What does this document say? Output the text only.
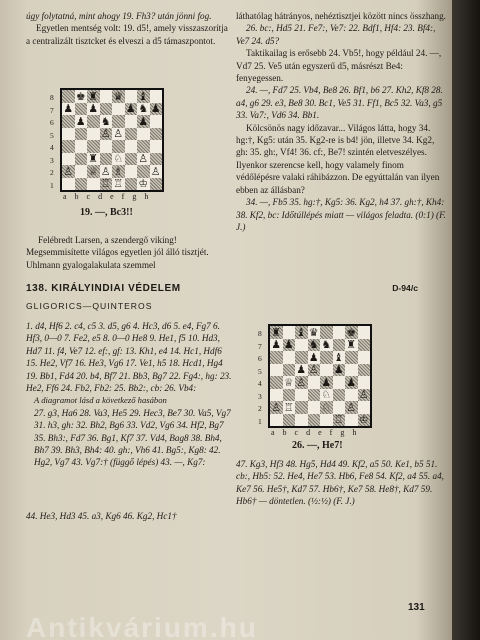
úgy folytatná, mint ahogy 19. Fh3? után jönni fog.

Egyetlen mentség volt: 19. d5!, amely visszaszorítja a centralizált tisztcket és elveszi a d5 támaszpontot.

8
7
6
5
4
3
2
1
♚ ♜ ♛ ♝
♟ ♟	♟ ♞ ♟
♟ ♞	♟
♙ ♙
♜ ♘ ♙
♙ ♕ ♙ ♗	♙
♖ ♖ ♔
a b c d e f g h
19. —, Bc3!!
Felébredt Larsen, a szendergő viking! Megsemmisítette világos egyetlen jól álló tisztjét. Uhlmann gyalogalakulata szemmel

láthatólag hátrányos, nehéztisztjei között nincs összhang.

26. bc:, Hd5 21. Fe7:, Ve7: 22. Bdf1, Hf4: 23. Bf4:, Ve7 24. d5?

Taktikailag is erősebb 24. Vb5!, hogy például 24. —, Vd7 25. Ve5 után egyszerű d5, másrészt Be4: fenyegessen.

24. —, Fd7 25. Vb4, Be8 26. Bf1, b6 27. Kh2, Kf8 28. a4, g6 29. e3, Be8 30. Bc1, Ve5 31. Ff1, Bc5 32. Va3, g5 33. Va7:, Vd6 34. Bb1.

Kölcsönös nagy időzavar... Világos látta, hogy 34. hg:†, Kg5: után 35. Kg2-re is b4! jön, illetve 34. Kg2, gh: 35. gh:, Vf4! 36. cf:, Be7! szintén eletveszélyes. Ilyenkor szerencse kell, hogy valamely finom védőlépésre valaki ráhibázzon. De egyúttalán van ilyen ebben az állásban?

34. —, Fb5 35. hg:†, Kg5: 36. Kg2, h4 37. gh:†, Kh4: 38. Kf2, bc: Időtúllépés miatt — világos feladta. (0:1) (F. J.)

138. KIRÁLYINDIAI VÉDELEM	D-94/c
GLIGORICS—QUINTEROS

1. d4, Hf6 2. c4, c5 3. d5, g6 4. Hc3, d6 5. e4, Fg7 6. Hf3, 0—0 7. Fe2, e5 8. 0—0 He8 9. He1, f5 10. Hd3, Hd7 11. f4, Ve7 12. ef:, gf: 13. Kh1, e4 14. Hc1, Hdf6 15. He2, Vf7 16. He3, Vg6 17. Ve1, h5 18. Hcd1, Hg4 19. Bb1, Fd4 20. b4, Bf7 21. Bb3, Bg7 22. Fg4:, hg: 23. He2, Ff6 24. Fb2, Fb2: 25. Bb2:, cb: 26. Vb4:

A diagramot lásd a következő hasábon

27. g3, Ha6 28. Va3, He5 29. Hec3, Be7 30. Va5, Vg7 31. h3, gh: 32. Bh2, Bg6 33. Vd2, Vg6 34. Hf2, Bg7 35. Bh3:, Fd7 36. Bg1, Kf7 37. Vd4, Bag8 38. Bh4, Bh7 39. Bh3, Bh4: 40. gh:, Vh6 41. Bg5:, Kg8: 42. Hg2, Vg7 43. Vg7:† (függő lépés) 43. —, Kg7:

8
7
6
5
4
3
2
1
♜ ♝ ♛	♚
♟ ♟ ♞ ♞ ♜
♟ ♝
♟ ♙ ♟
♕ ♙ ♟ ♟
♘	♙
♙ ♖	♘ ♙
♖ ♔
a b c d e f g h
26. —, He7!
47. Kg3, Hf3 48. Hg5, Hd4 49. Kf2, a5 50. Ke1, b5 51. cb:, Hb5: 52. He4, He7 53. Hb6, Fe8 54. Kf2, a4 55. a4, Ke7 56. He5†, Kd7 57. Hb6†, Ke7 58. He8†, Kd7 59. Hb6† — döntetlen. (½:½) (F. J.)
44. He3, Hd3 45. a3, Kg6 46. Kg2, Hc1†
131
Antikvárium.hu
